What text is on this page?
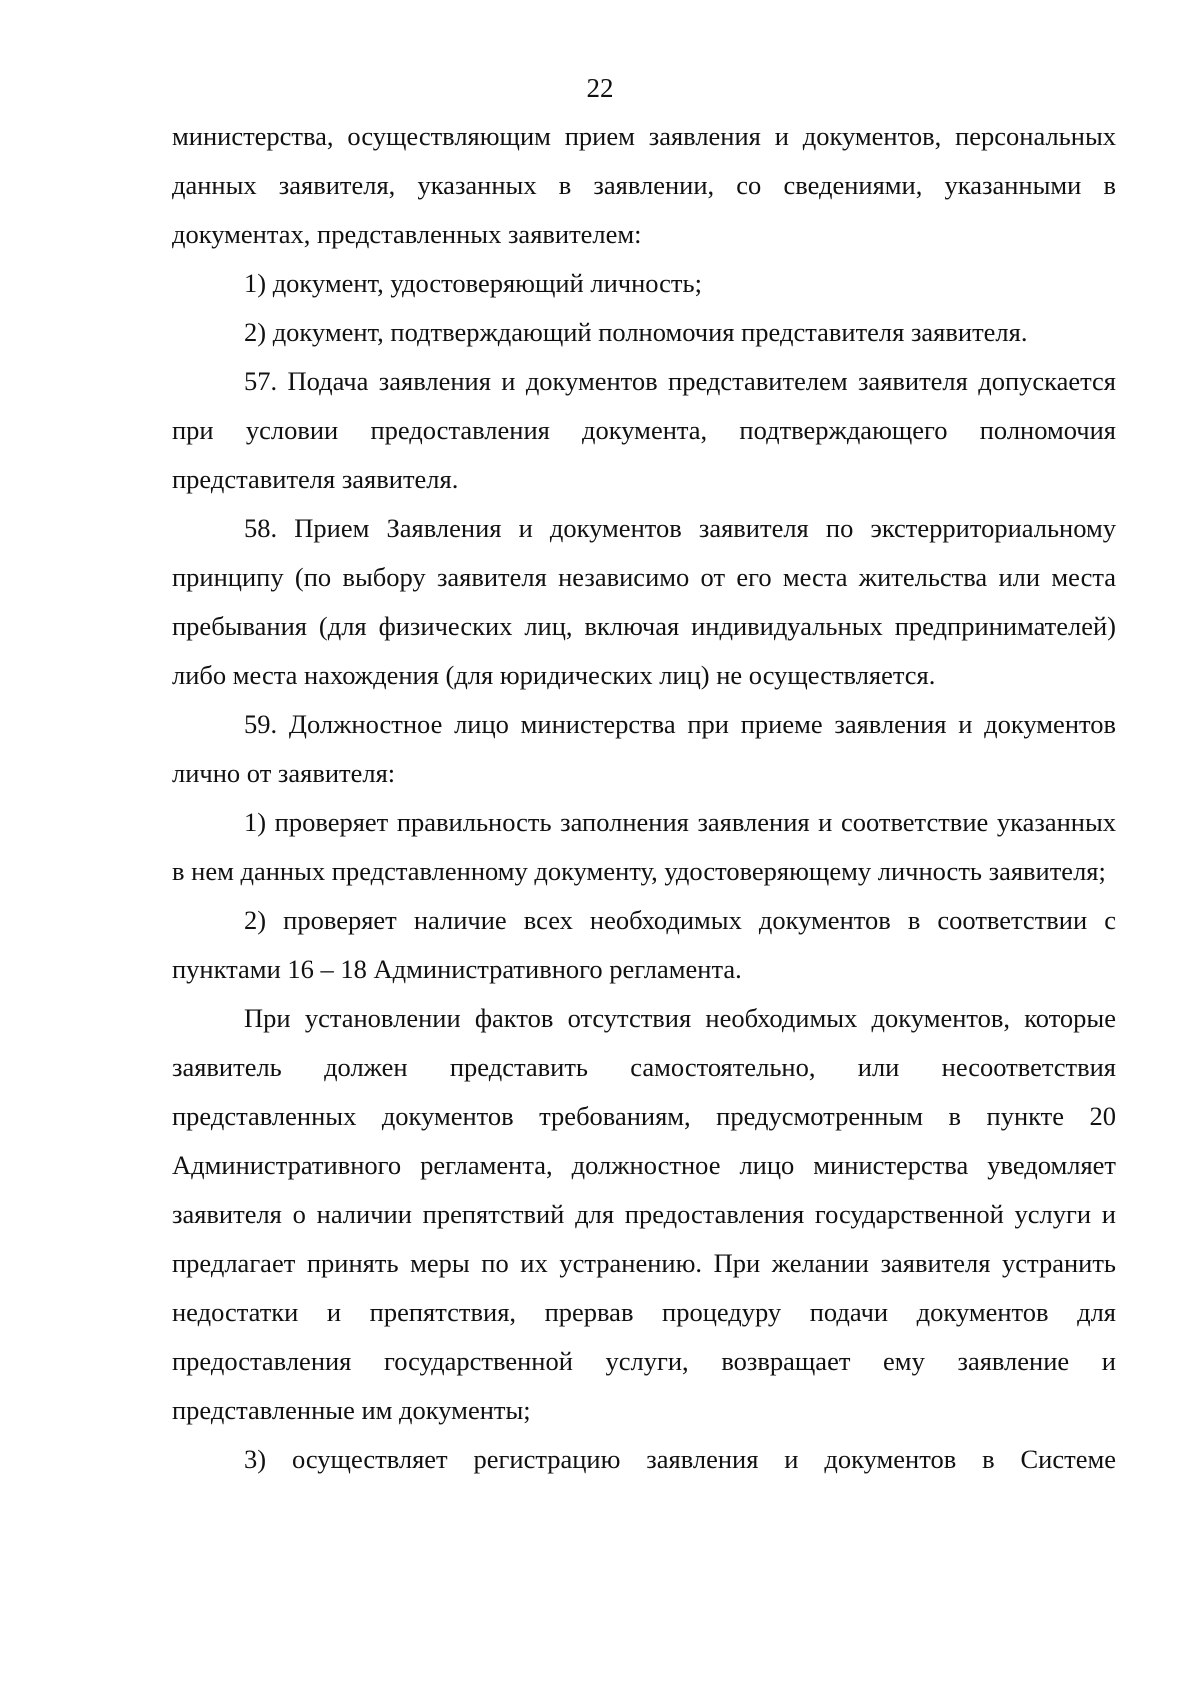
22

министерства, осуществляющим прием заявления и документов, персональных данных заявителя, указанных в заявлении, со сведениями, указанными в документах, представленных заявителем:

1) документ, удостоверяющий личность;

2) документ, подтверждающий полномочия представителя заявителя.

57. Подача заявления и документов представителем заявителя допускается при условии предоставления документа, подтверждающего полномочия представителя заявителя.

58. Прием Заявления и документов заявителя по экстерриториальному принципу (по выбору заявителя независимо от его места жительства или места пребывания (для физических лиц, включая индивидуальных предпринимателей) либо места нахождения (для юридических лиц) не осуществляется.

59. Должностное лицо министерства при приеме заявления и документов лично от заявителя:

1) проверяет правильность заполнения заявления и соответствие указанных в нем данных представленному документу, удостоверяющему личность заявителя;

2) проверяет наличие всех необходимых документов в соответствии с пунктами 16 – 18 Административного регламента.

При установлении фактов отсутствия необходимых документов, которые заявитель должен представить самостоятельно, или несоответствия представленных документов требованиям, предусмотренным в пункте 20 Административного регламента, должностное лицо министерства уведомляет заявителя о наличии препятствий для предоставления государственной услуги и предлагает принять меры по их устранению. При желании заявителя устранить недостатки и препятствия, прервав процедуру подачи документов для предоставления государственной услуги, возвращает ему заявление и представленные им документы;

3) осуществляет регистрацию заявления и документов в Системе
